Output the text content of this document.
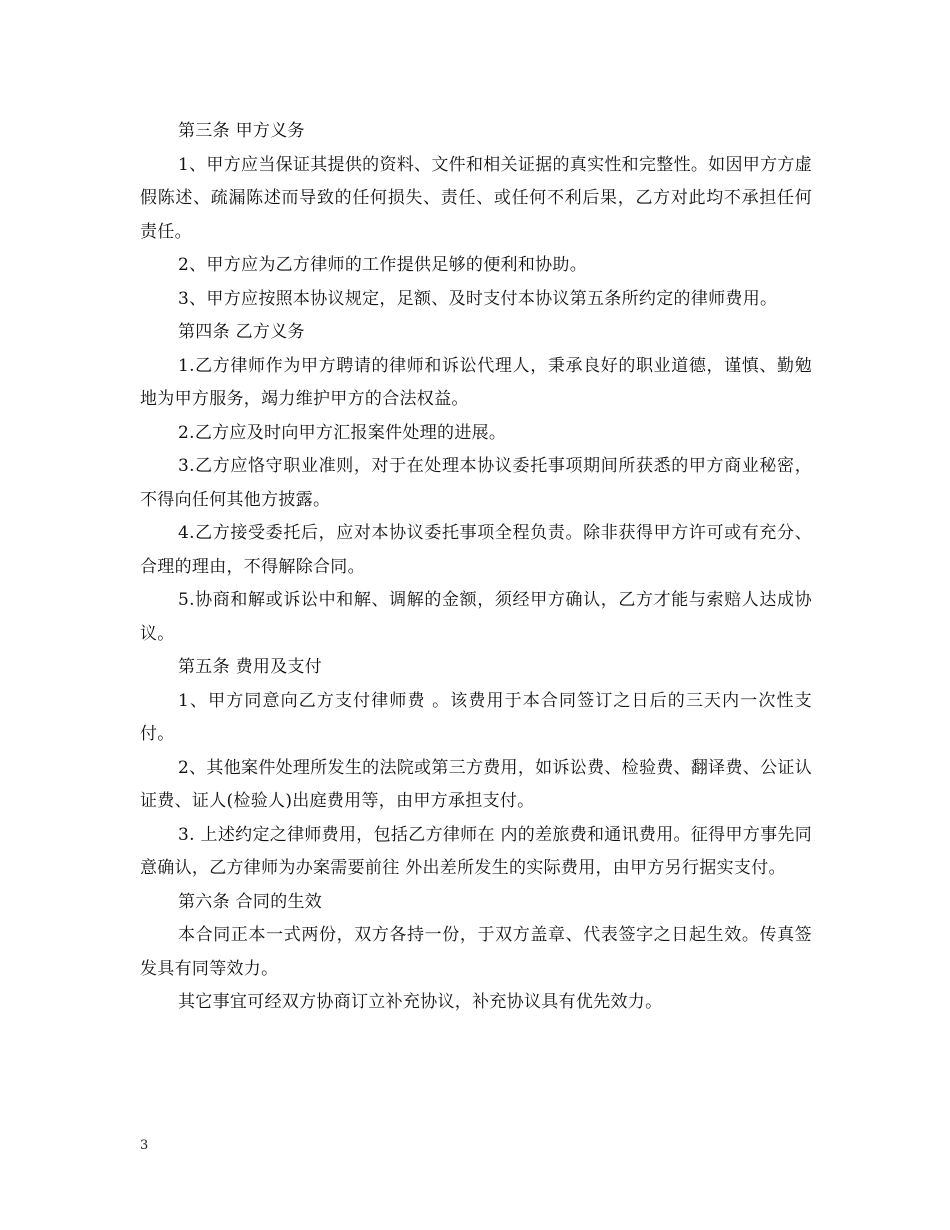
第三条 甲方义务

1、甲方应当保证其提供的资料、文件和相关证据的真实性和完整性。如因甲方方虚假陈述、疏漏陈述而导致的任何损失、责任、或任何不利后果，乙方对此均不承担任何责任。

2、甲方应为乙方律师的工作提供足够的便利和协助。

3、甲方应按照本协议规定，足额、及时支付本协议第五条所约定的律师费用。

第四条 乙方义务

1.乙方律师作为甲方聘请的律师和诉讼代理人，秉承良好的职业道德，谨慎、勤勉地为甲方服务，竭力维护甲方的合法权益。

2.乙方应及时向甲方汇报案件处理的进展。

3.乙方应恪守职业准则，对于在处理本协议委托事项期间所获悉的甲方商业秘密，不得向任何其他方披露。

4.乙方接受委托后，应对本协议委托事项全程负责。除非获得甲方许可或有充分、合理的理由，不得解除合同。

5.协商和解或诉讼中和解、调解的金额，须经甲方确认，乙方才能与索赔人达成协议。

第五条 费用及支付

1、甲方同意向乙方支付律师费 。该费用于本合同签订之日后的三天内一次性支付。

2、其他案件处理所发生的法院或第三方费用，如诉讼费、检验费、翻译费、公证认证费、证人(检验人)出庭费用等，由甲方承担支付。

3. 上述约定之律师费用，包括乙方律师在 内的差旅费和通讯费用。征得甲方事先同意确认，乙方律师为办案需要前往 外出差所发生的实际费用，由甲方另行据实支付。

第六条 合同的生效

本合同正本一式两份，双方各持一份，于双方盖章、代表签字之日起生效。传真签发具有同等效力。

其它事宜可经双方协商订立补充协议，补充协议具有优先效力。

3
